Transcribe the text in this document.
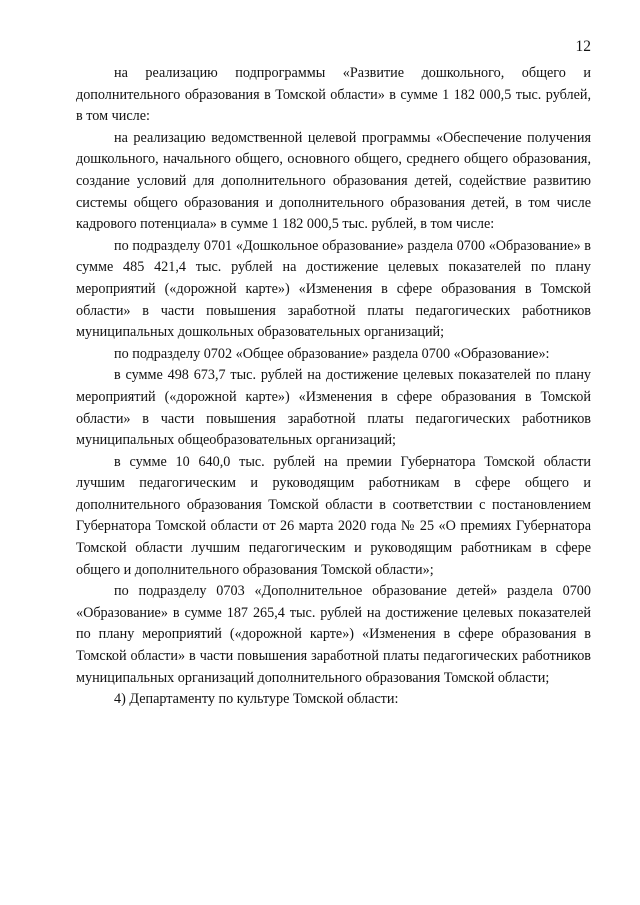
12

на реализацию подпрограммы «Развитие дошкольного, общего и дополнительного образования в Томской области» в сумме 1 182 000,5 тыс. рублей, в том числе:

на реализацию ведомственной целевой программы «Обеспечение получения дошкольного, начального общего, основного общего, среднего общего образования, создание условий для дополнительного образования детей, содействие развитию системы общего образования и дополнительного образования детей, в том числе кадрового потенциала» в сумме 1 182 000,5 тыс. рублей, в том числе:

по подразделу 0701 «Дошкольное образование» раздела 0700 «Образование» в сумме 485 421,4 тыс. рублей на достижение целевых показателей по плану мероприятий («дорожной карте») «Изменения в сфере образования в Томской области» в части повышения заработной платы педагогических работников муниципальных дошкольных образовательных организаций;

по подразделу 0702 «Общее образование» раздела 0700 «Образование»:

в сумме 498 673,7 тыс. рублей на достижение целевых показателей по плану мероприятий («дорожной карте») «Изменения в сфере образования в Томской области» в части повышения заработной платы педагогических работников муниципальных общеобразовательных организаций;

в сумме 10 640,0 тыс. рублей на премии Губернатора Томской области лучшим педагогическим и руководящим работникам в сфере общего и дополнительного образования Томской области в соответствии с постановлением Губернатора Томской области от 26 марта 2020 года № 25 «О премиях Губернатора Томской области лучшим педагогическим и руководящим работникам в сфере общего и дополнительного образования Томской области»;

по подразделу 0703 «Дополнительное образование детей» раздела 0700 «Образование» в сумме 187 265,4 тыс. рублей на достижение целевых показателей по плану мероприятий («дорожной карте») «Изменения в сфере образования в Томской области» в части повышения заработной платы педагогических работников муниципальных организаций дополнительного образования Томской области;

4) Департаменту по культуре Томской области:
